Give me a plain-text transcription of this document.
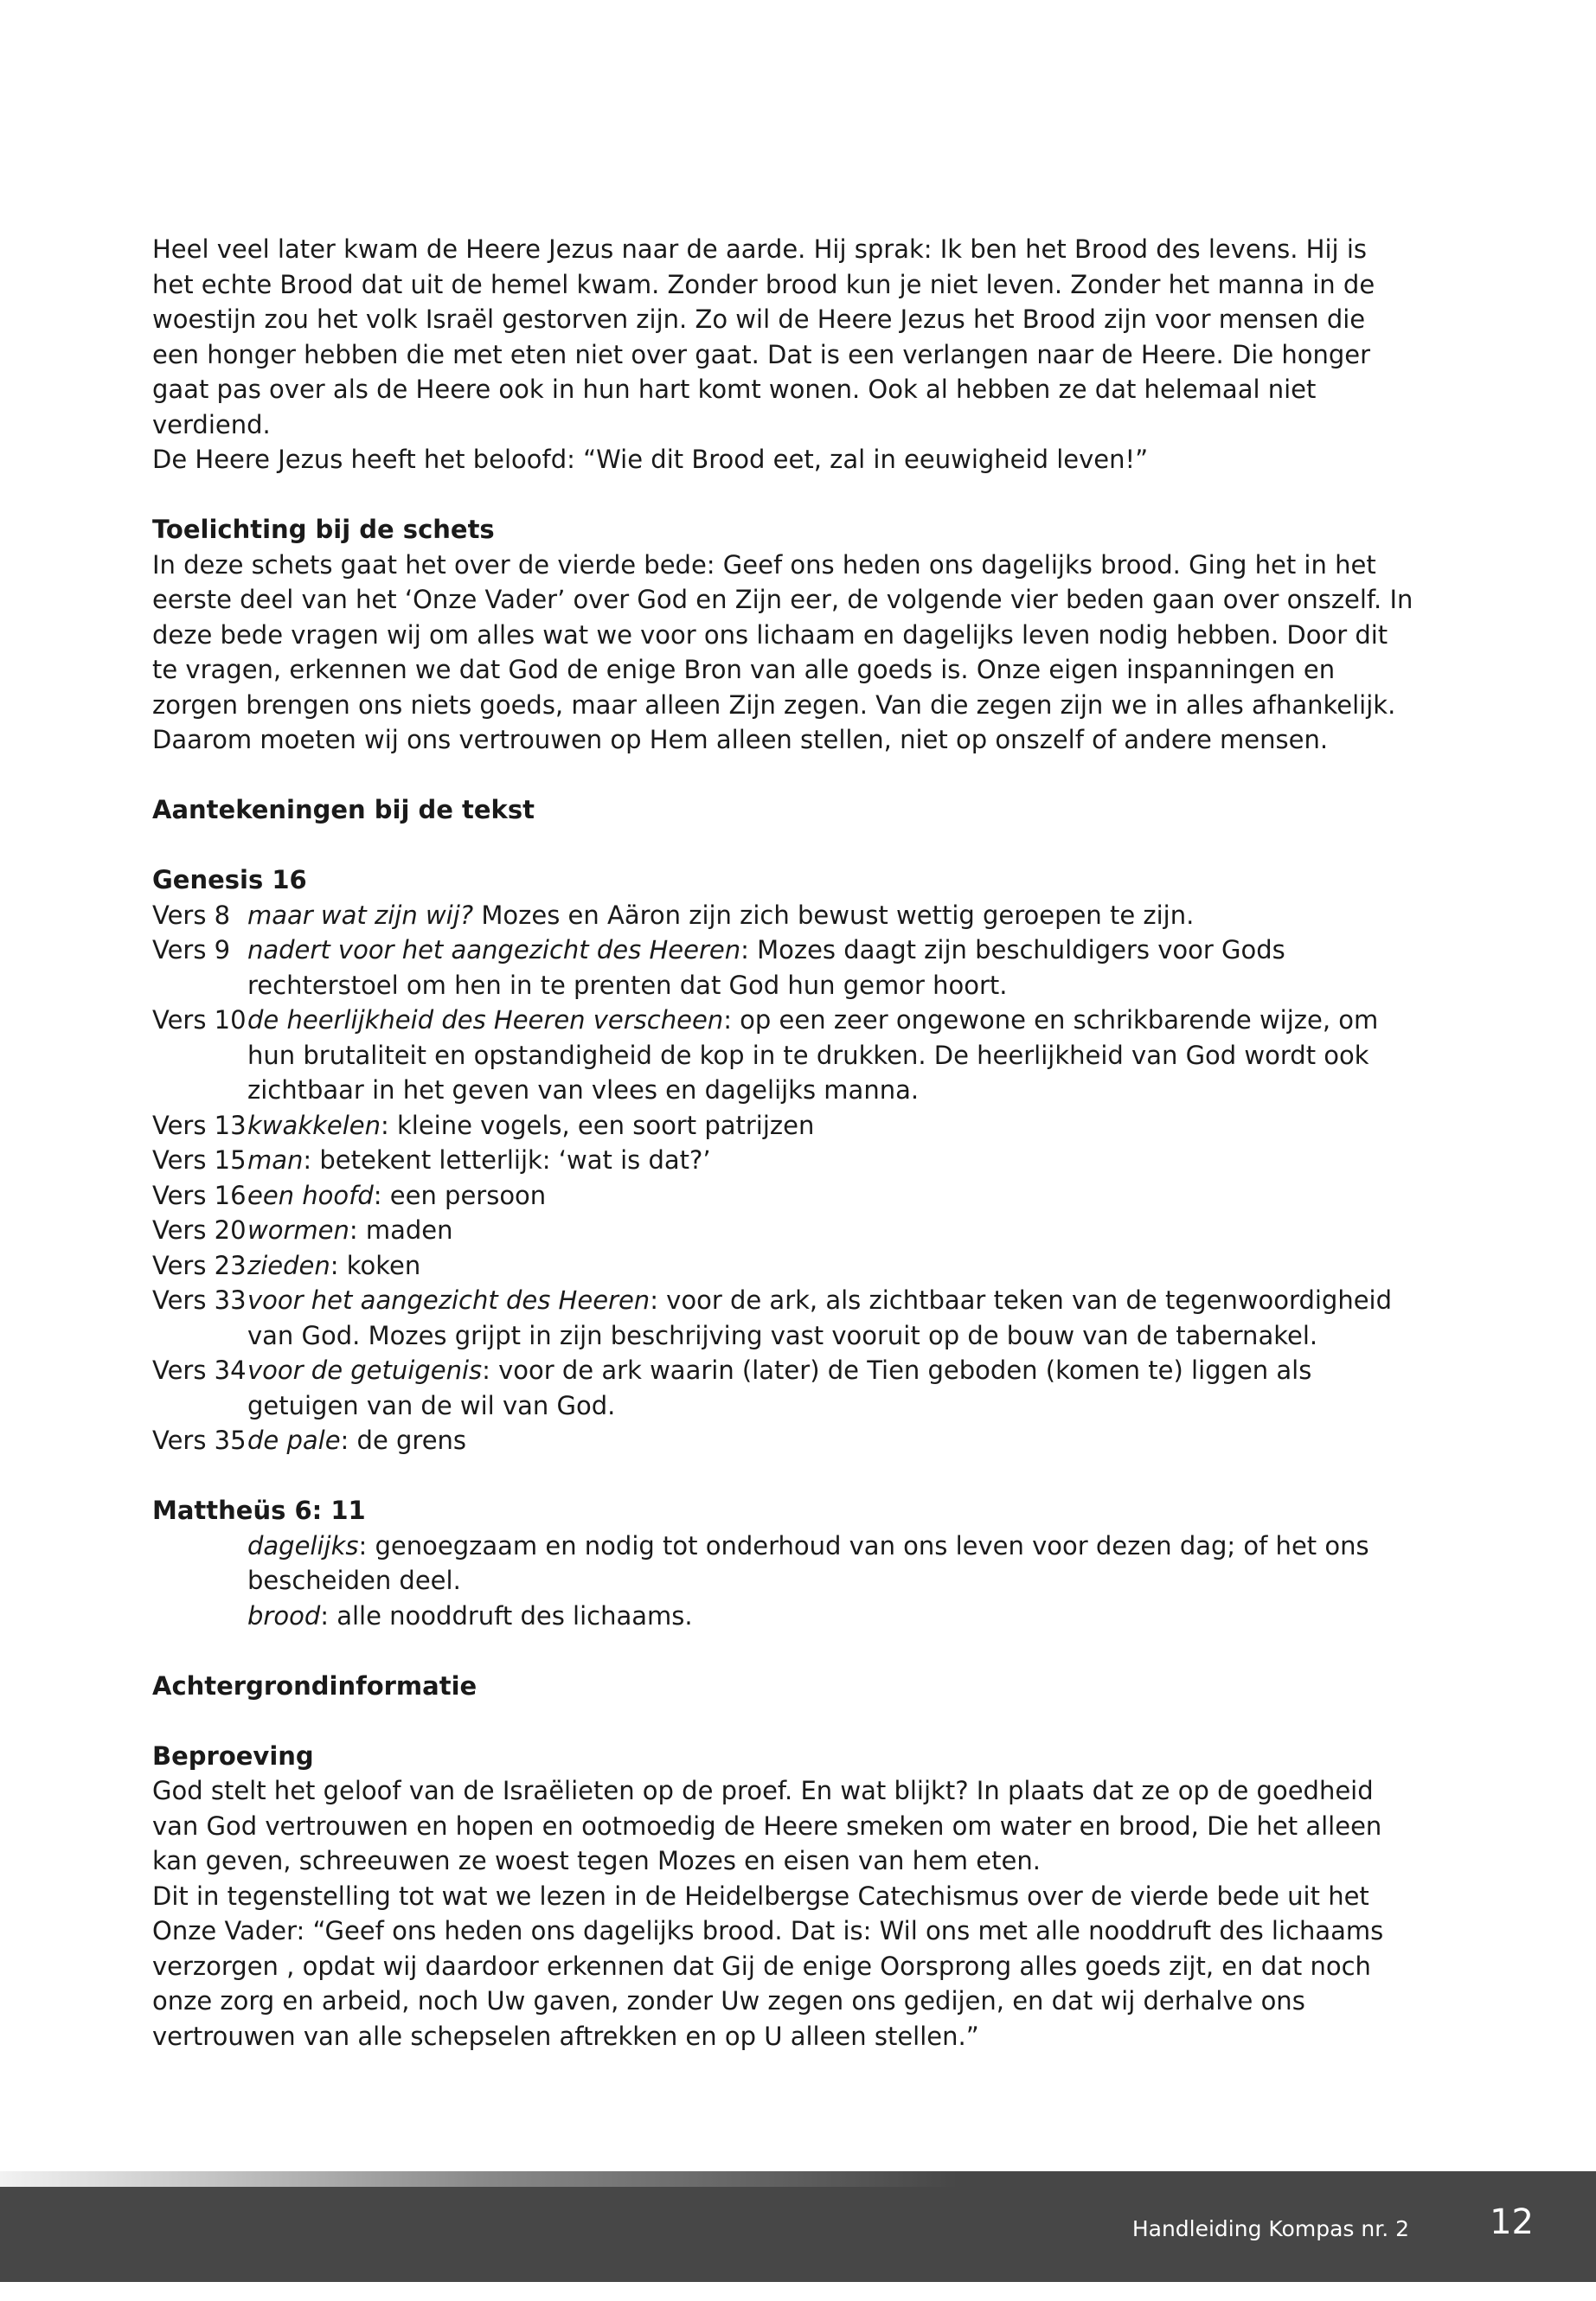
Heel veel later kwam de Heere Jezus naar de aarde. Hij sprak: Ik ben het Brood des levens. Hij is het echte Brood dat uit de hemel kwam. Zonder brood kun je niet leven. Zonder het manna in de woestijn zou het volk Israël gestorven zijn. Zo wil de Heere Jezus het Brood zijn voor mensen die een honger hebben die met eten niet over gaat. Dat is een verlangen naar de Heere. Die honger gaat pas over als de Heere ook in hun hart komt wonen. Ook al hebben ze dat helemaal niet verdiend.

De Heere Jezus heeft het beloofd: “Wie dit Brood eet, zal in eeuwigheid leven!”

Toelichting bij de schets

In deze schets gaat het over de vierde bede: Geef ons heden ons dagelijks brood. Ging het in het eerste deel van het ‘Onze Vader’ over God en Zijn eer, de volgende vier beden gaan over onszelf. In deze bede vragen wij om alles wat we voor ons lichaam en dagelijks leven nodig hebben. Door dit te vragen, erkennen we dat God de enige Bron van alle goeds is. Onze eigen inspanningen en zorgen brengen ons niets goeds, maar alleen Zijn zegen. Van die zegen zijn we in alles afhankelijk. Daarom moeten wij ons vertrouwen op Hem alleen stellen, niet op onszelf of andere mensen.

Aantekeningen bij de tekst

Genesis 16

Vers 8 maar wat zijn wij? Mozes en Aäron zijn zich bewust wettig geroepen te zijn.
Vers 9 nadert voor het aangezicht des Heeren: Mozes daagt zijn beschuldigers voor Gods rechterstoel om hen in te prenten dat God hun gemor hoort.
Vers 10 de heerlijkheid des Heeren verscheen: op een zeer ongewone en schrikbarende wijze, om hun brutaliteit en opstandigheid de kop in te drukken. De heerlijkheid van God wordt ook zichtbaar in het geven van vlees en dagelijks manna.
Vers 13 kwakkelen: kleine vogels, een soort patrijzen
Vers 15 man: betekent letterlijk: ‘wat is dat?’
Vers 16 een hoofd: een persoon
Vers 20 wormen: maden
Vers 23 zieden: koken
Vers 33 voor het aangezicht des Heeren: voor de ark, als zichtbaar teken van de tegenwoordigheid van God. Mozes grijpt in zijn beschrijving vast vooruit op de bouw van de tabernakel.
Vers 34 voor de getuigenis: voor de ark waarin (later) de Tien geboden (komen te) liggen als getuigen van de wil van God.
Vers 35 de pale: de grens

Mattheüs 6: 11

dagelijks: genoegzaam en nodig tot onderhoud van ons leven voor dezen dag; of het ons bescheiden deel.

brood: alle nooddruft des lichaams.

Achtergrondinformatie

Beproeving

God stelt het geloof van de Israëlieten op de proef. En wat blijkt? In plaats dat ze op de goedheid van God vertrouwen en hopen en ootmoedig de Heere smeken om water en brood, Die het alleen kan geven, schreeuwen ze woest tegen Mozes en eisen van hem eten.

Dit in tegenstelling tot wat we lezen in de Heidelbergse Catechismus over de vierde bede uit het Onze Vader: “Geef ons heden ons dagelijks brood. Dat is: Wil ons met alle nooddruft des lichaams verzorgen , opdat wij daardoor erkennen dat Gij de enige Oorsprong alles goeds zijt, en dat noch onze zorg en arbeid, noch Uw gaven, zonder Uw zegen ons gedijen, en dat wij derhalve ons vertrouwen van alle schepselen aftrekken en op U alleen stellen.”

Handleiding Kompas nr. 2 12
